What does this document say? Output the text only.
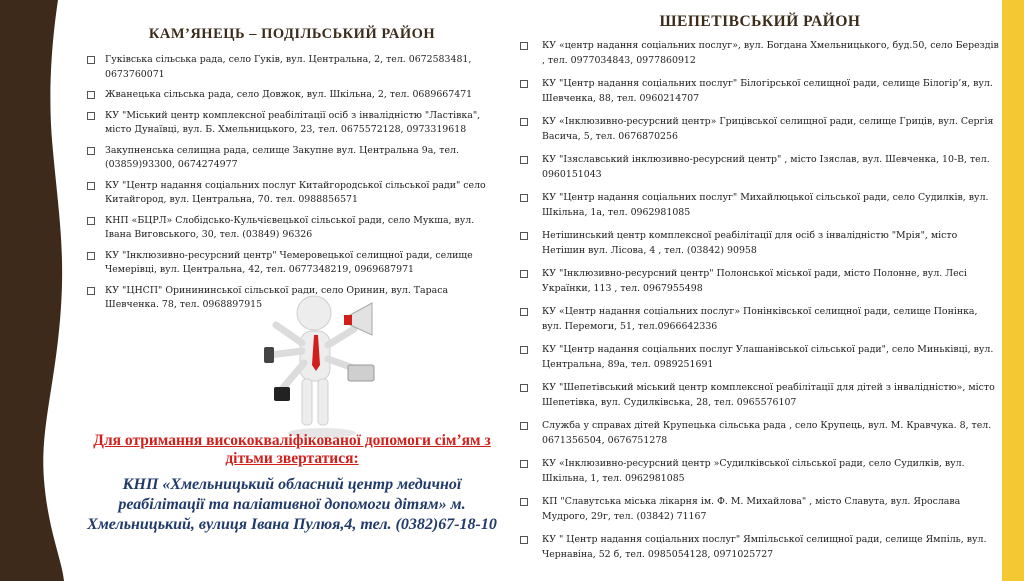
КАМ’ЯНЕЦЬ – ПОДІЛЬСЬКИЙ РАЙОН
Гуківська сільська рада, село Гуків, вул. Центральна, 2, тел. 0672583481, 0673760071
Жванецька сільська рада, село Довжок, вул. Шкільна, 2, тел. 0689667471
КУ "Міський центр комплексної реабілітації осіб з інвалідністю "Ластівка", місто Дунаївці, вул. Б. Хмельницького, 23, тел. 0675572128, 0973319618
Закупненська селищна рада, селище Закупне вул. Центральна 9а, тел. (03859)93300, 0674274977
КУ "Центр надання соціальних послуг Китайгородської сільської ради" село Китайгород, вул. Центральна, 70. тел. 0988856571
КНП «БЦРЛ» Слобідсько-Кульчієвецької сільської ради, село Мукша, вул. Івана Виговського, 30, тел. (03849) 96326
КУ "Інклюзивно-ресурсний центр" Чемеровецької селищної ради, селище Чемерівці, вул. Центральна, 42, тел. 0677348219, 0969687971
КУ "ЦНСП" Оринининської сільської ради, село Оринин, вул. Тараса Шевченка. 78, тел. 0968897915
Для отримання висококваліфікованої допомоги сім’ям з дітьми звертатися:
КНП «Хмельницький обласний центр медичної реабілітації та паліативної допомоги дітям» м. Хмельницький, вулиця Івана Пулюя,4, тел. (0382)67-18-10
ШЕПЕТІВСЬКИЙ РАЙОН
КУ «центр надання соціальних послуг», вул. Богдана Хмельницького, буд.50, село Берездів , тел. 0977034843, 0977860912
КУ "Центр надання соціальних послуг" Білогірської селищної ради, селище Білогір’я, вул. Шевченка, 88, тел. 0960214707
КУ «Інклюзивно-ресурсний центр» Грицівської селищної ради, селище Гриців, вул. Сергія Васича, 5, тел. 0676870256
КУ "Ізяславський інклюзивно-ресурсний центр" , місто Ізяслав, вул. Шевченка, 10-В, тел. 0960151043
КУ "Центр надання соціальних послуг" Михайлюцької сільської ради, село Судилків, вул. Шкільна, 1а, тел. 0962981085
Нетішинський центр комплексної реабілітації для осіб з інвалідністю "Мрія", місто Нетішин вул. Лісова, 4 , тел. (03842) 90958
КУ "Інклюзивно-ресурсний центр" Полонської міської ради, місто Полонне, вул. Лесі Українки, 113 , тел. 0967955498
КУ «Центр надання соціальних послуг» Понінківської селищної ради, селище Понінка, вул. Перемоги, 51, тел.0966642336
КУ "Центр надання соціальних послуг Улашанівської сільської ради", село Миньківці, вул. Центральна, 89а, тел. 0989251691
КУ "Шепетівський міський центр комплексної реабілітації для дітей з інвалідністю», місто Шепетівка, вул. Судилківська, 28, тел. 0965576107
Служба у справах дітей Крупецька сільська рада , село Крупець, вул. М. Кравчука. 8, тел. 0671356504, 0676751278
КУ «Інклюзивно-ресурсний центр »Судилківської сільської ради, село Судилків, вул. Шкільна, 1, тел. 0962981085
КП "Славутська міська лікарня ім. Ф. М. Михайлова" , місто Славута, вул. Ярослава Мудрого, 29г, тел. (03842) 71167
КУ " Центр надання соціальних послуг" Ямпільської селищної ради, селище Ямпіль, вул. Чернавіна, 52 б, тел. 0985054128, 0971025727
